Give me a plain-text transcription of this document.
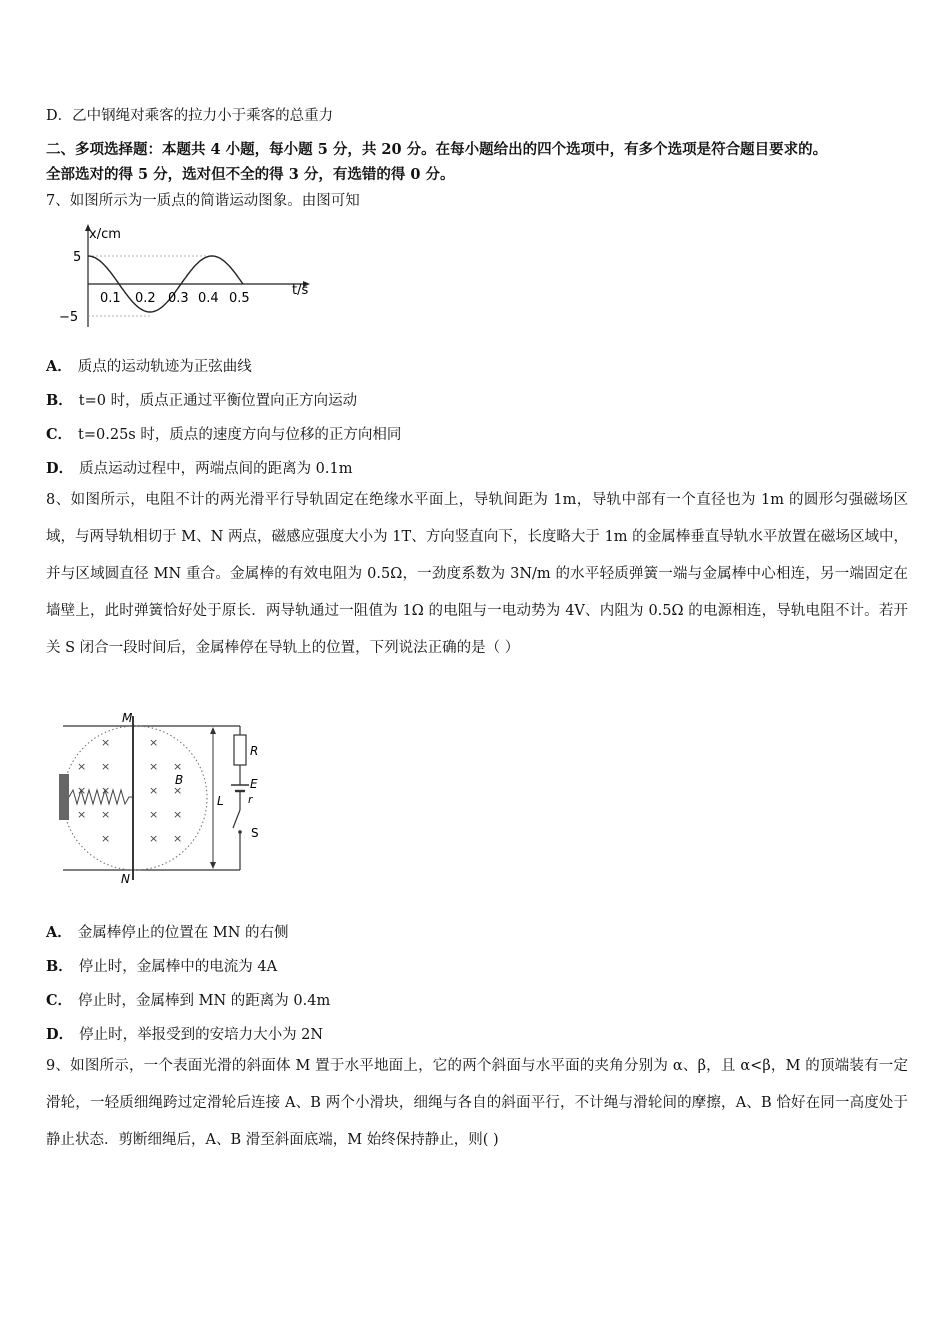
D．乙中钢绳对乘客的拉力小于乘客的总重力
二、多项选择题：本题共 4 小题，每小题 5 分，共 20 分。在每小题给出的四个选项中，有多个选项是符合题目要求的。
全部选对的得 5 分，选对但不全的得 3 分，有选错的得 0 分。
7、如图所示为一质点的简谐运动图象。由图可知
x/cm
t/s
5
−5
0.1 0.2 0.3 0.4 0.5
A． 质点的运动轨迹为正弦曲线
B． t=0 时，质点正通过平衡位置向正方向运动
C． t=0.25s 时，质点的速度方向与位移的正方向相同
D． 质点运动过程中，两端点间的距离为 0.1m
8、如图所示，电阻不计的两光滑平行导轨固定在绝缘水平面上，导轨间距为 1m，导轨中部有一个直径也为 1m 的圆形匀强磁场区域，与两导轨相切于 M、N 两点，磁感应强度大小为 1T、方向竖直向下，长度略大于 1m 的金属棒垂直导轨水平放置在磁场区域中，并与区域圆直径 MN 重合。金属棒的有效电阻为 0.5Ω，一劲度系数为 3N/m 的水平轻质弹簧一端与金属棒中心相连，另一端固定在墙壁上，此时弹簧恰好处于原长．两导轨通过一阻值为 1Ω 的电阻与一电动势为 4V、内阻为 0.5Ω 的电源相连，导轨电阻不计。若开关 S 闭合一段时间后，金属棒停在导轨上的位置，下列说法正确的是（ ）
×	×
× ×	× ×
× ×	× ×
× ×	× ×
×	× ×
M
N
B
L
R
E
r
S
A． 金属棒停止的位置在 MN 的右侧
B． 停止时，金属棒中的电流为 4A
C． 停止时，金属棒到 MN 的距离为 0.4m
D． 停止时，举报受到的安培力大小为 2N
9、如图所示，一个表面光滑的斜面体 M 置于水平地面上，它的两个斜面与水平面的夹角分别为 α、β，且 α<β，M 的顶端装有一定滑轮，一轻质细绳跨过定滑轮后连接 A、B 两个小滑块，细绳与各自的斜面平行，不计绳与滑轮间的摩擦，A、B 恰好在同一高度处于静止状态．剪断细绳后，A、B 滑至斜面底端，M 始终保持静止，则( )
